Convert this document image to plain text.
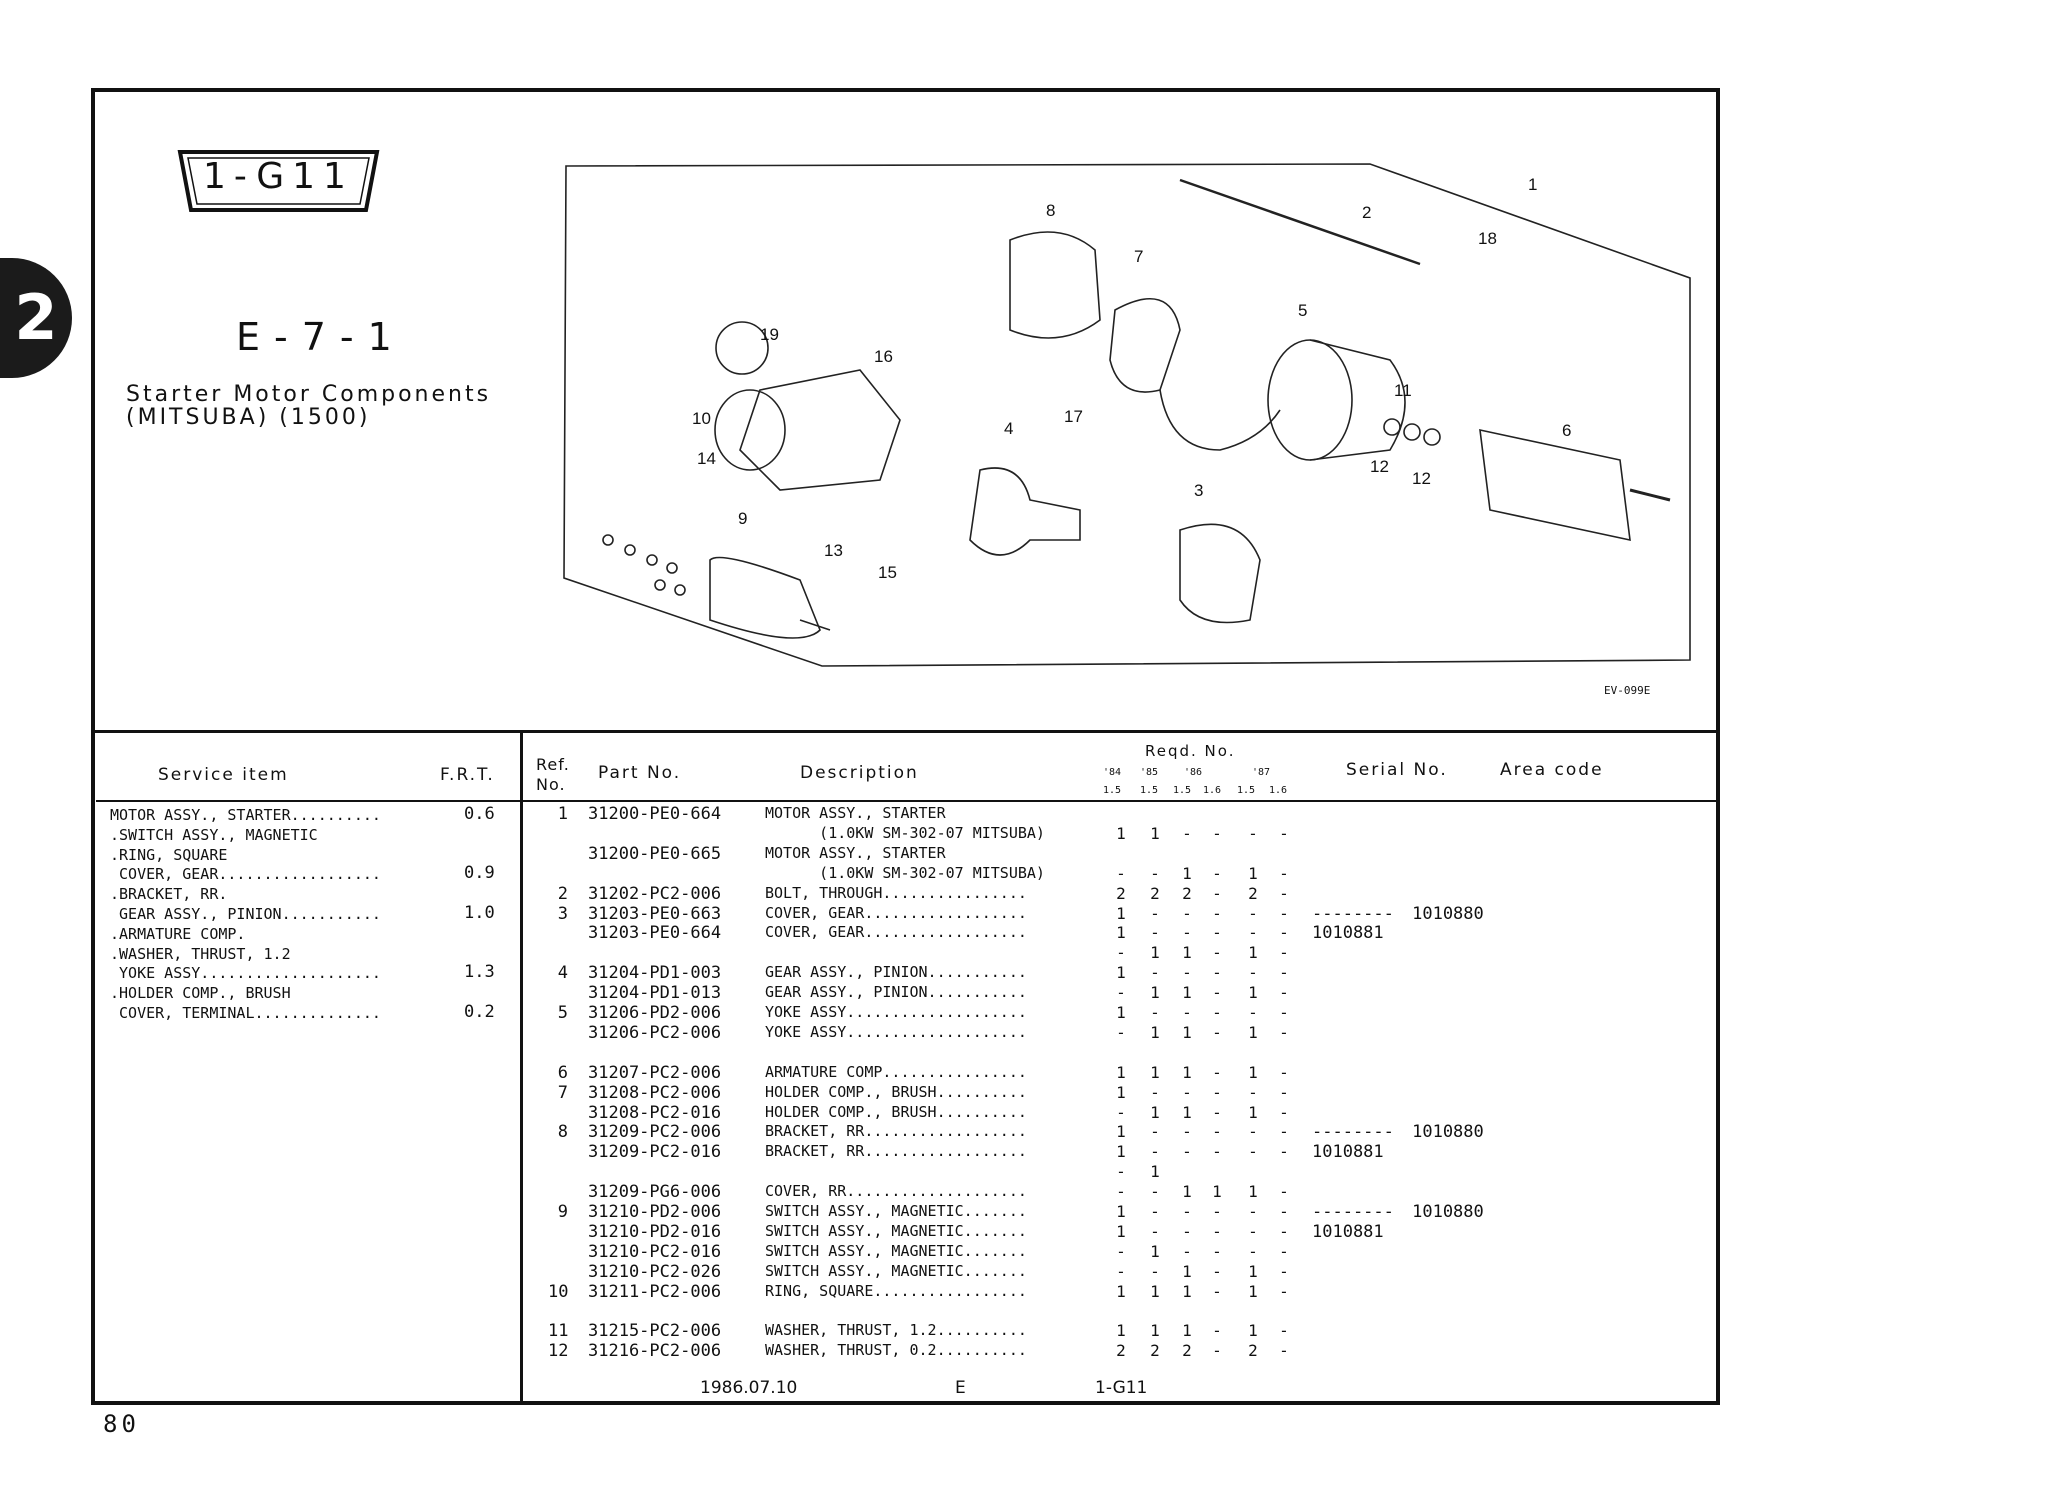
2
EV-099E
1-G11
E-7-1
Starter Motor Components
(MITSUBA) (1500)
1
2
3
4
5
6
7
8
9
10
11
12
12
13
14
15
16
17
18
19
Service item	F.R.T.
Ref. No.
Part No.	Description
Reqd. No.
'84 '85	'86	'87
1.5 1.5 1.5 1.6 1.5 1.6
Serial No.	Area code
MOTOR ASSY., STARTER..........	0.6
.SWITCH ASSY., MAGNETIC
.RING, SQUARE
COVER, GEAR..................	0.9
.BRACKET, RR.
GEAR ASSY., PINION...........	1.0
.ARMATURE COMP.
.WASHER, THRUST, 1.2
YOKE ASSY....................	1.3
.HOLDER COMP., BRUSH
COVER, TERMINAL..............	0.2
1 31200-PE0-664	MOTOR ASSY., STARTER
(1.0KW SM-302-07 MITSUBA)	1 1 - - - -
31200-PE0-665	MOTOR ASSY., STARTER
(1.0KW SM-302-07 MITSUBA)	- - 1 - 1 -
2 31202-PC2-006	BOLT, THROUGH................	2 2 2 - 2 -
3 31203-PE0-663	COVER, GEAR..................	1 - - - - - -------- 1010880
31203-PE0-664	COVER, GEAR..................	1 - - - - - 1010881
- 1 1 - 1 -
4 31204-PD1-003	GEAR ASSY., PINION...........	1 - - - - -
31204-PD1-013	GEAR ASSY., PINION...........	- 1 1 - 1 -
5 31206-PD2-006	YOKE ASSY....................	1 - - - - -
31206-PC2-006	YOKE ASSY....................	- 1 1 - 1 -
6 31207-PC2-006	ARMATURE COMP................	1 1 1 - 1 -
7 31208-PC2-006	HOLDER COMP., BRUSH..........	1 - - - - -
31208-PC2-016	HOLDER COMP., BRUSH..........	- 1 1 - 1 -
8 31209-PC2-006	BRACKET, RR..................	1 - - - - - -------- 1010880
31209-PC2-016	BRACKET, RR..................	1 - - - - - 1010881
- 1
31209-PG6-006	COVER, RR....................	- - 1 1 1 -
9 31210-PD2-006	SWITCH ASSY., MAGNETIC.......	1 - - - - - -------- 1010880
31210-PD2-016	SWITCH ASSY., MAGNETIC.......	1 - - - - - 1010881
31210-PC2-016	SWITCH ASSY., MAGNETIC.......	- 1 - - - -
31210-PC2-026	SWITCH ASSY., MAGNETIC.......	- - 1 - 1 -
10 31211-PC2-006	RING, SQUARE.................	1 1 1 - 1 -
11 31215-PC2-006	WASHER, THRUST, 1.2..........	1 1 1 - 1 -
12 31216-PC2-006	WASHER, THRUST, 0.2..........	2 2 2 - 2 -
1986.07.10	E	1-G11
80
